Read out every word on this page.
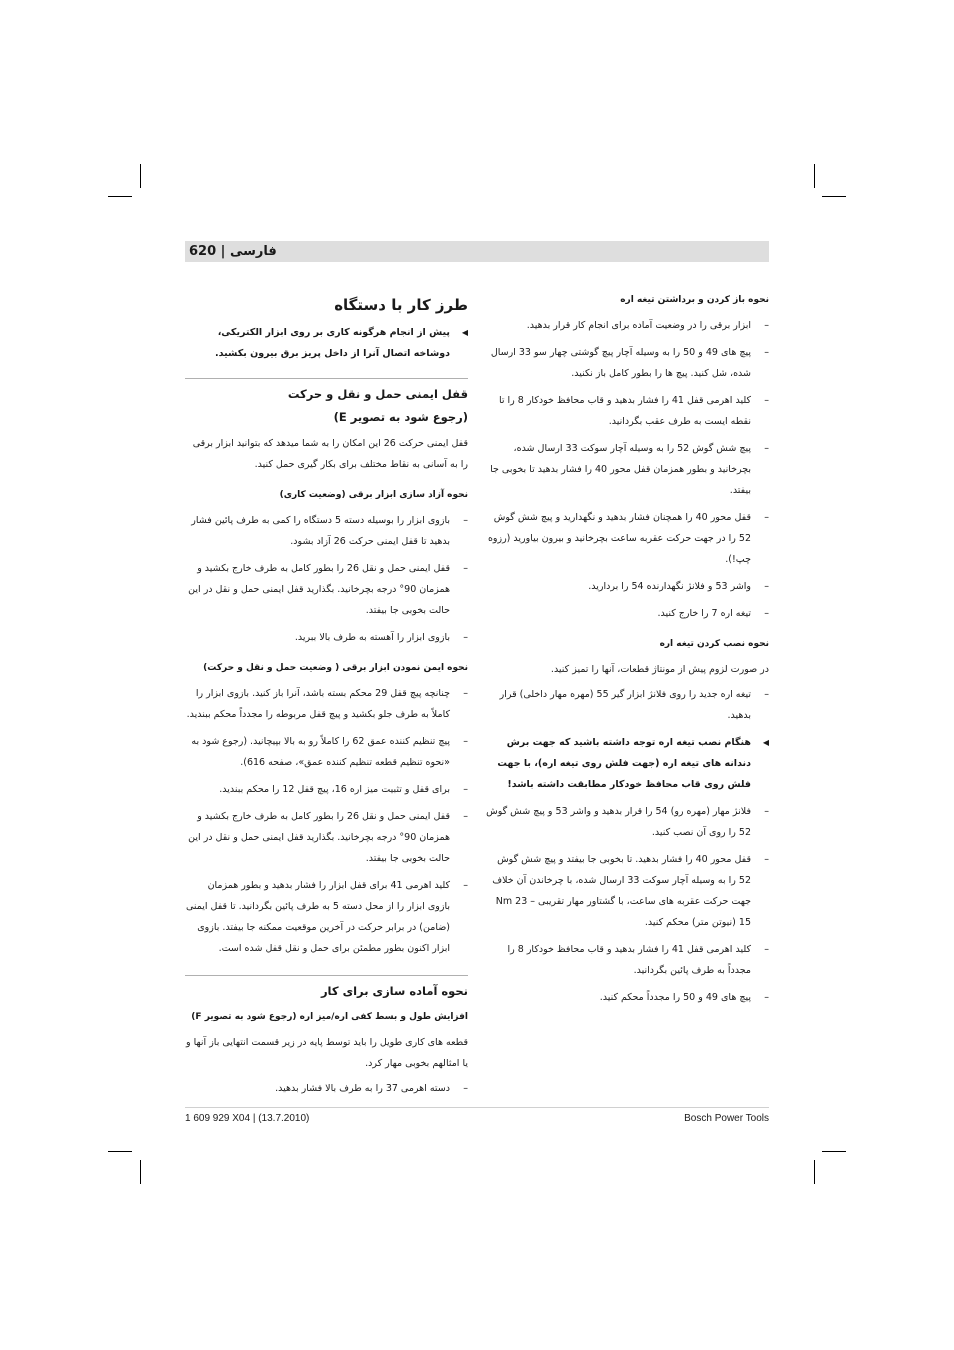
فارسی | 620
نحوه باز کردن و برداشتن تیغه اره
–
ابزار برقی را در وضعیت آماده برای انجام کار قرار بدهید.
–
پیچ های 49 و 50 را به وسیله آچار پیچ گوشتی چهار سو 33 ارسال شده، شل کنید. پیچ ها را بطور کامل باز نکنید.
–
کلید اهرمی قفل 41 را فشار بدهید و قاب محافظ خودکار 8 را تا نقطه ایست به طرف عقب بگردانید.
–
پیچ شش گوش 52 را به وسیله آچار سوکت 33 ارسال شده، بچرخانید و بطور همزمان قفل محور 40 را فشار بدهید تا بخوبی جا بیفتد.
–
قفل محور 40 را همچنان فشار بدهید و نگهدارید و پیچ شش گوش 52 را در جهت حرکت عقربه ساعت بچرخانید و بیرون بیاورید (رزوه چپ!).
–
واشر 53 و فلانژ نگهدارنده 54 را بردارید.
–
تیغه اره 7 را خارج کنید.
نحوه نصب کردن تیغه اره
در صورت لزوم پیش از مونتاژ قطعات، آنها را تمیز کنید.
–
تیغه اره جدید را روی فلانژ ابزار گیر 55 (مهره مهار داخلی) قرار بدهید.
◀
هنگام نصب تیغه اره توجه داشته باشید که جهت برش دندانه های تیغه اره (جهت فلش روی تیغه اره)، با جهت فلش روی قاب محافظ خودکار مطابقت داشته باشد!
–
فلانژ مهار (مهره رو) 54 را قرار بدهید و واشر 53 و پیچ شش گوش 52 را روی آن نصب کنید.
–
قفل محور 40 را فشار بدهید. تا بخوبی جا بیفتد و پیچ شش گوش 52 را به وسیله آچار سوکت 33 ارسال شده، با چرخاندن آن خلاف جهت حرکت عقربه های ساعت، با گشتاور مهار تقریبی Nm 23 – 15 (نیوتن متر) محکم کنید.
–
کلید اهرمی قفل 41 را فشار بدهید و قاب محافظ خودکار 8 را مجدداً به طرف پائین بگردانید.
–
پیچ های 49 و 50 را مجدداً محکم کنید.
طرز کار با دستگاه
◀
پیش از انجام هرگونه کاری بر روی ابزار الکتریکی، دوشاخه اتصال آنرا از داخل پریز برق بیرون بکشید.
قفل ایمنی حمل و نقل و حرکت
(رجوع شود به تصویر E)
قفل ایمنی حرکت 26 این امکان را به شما میدهد که بتوانید ابزار برقی را به آسانی به نقاط مختلف برای بکار گیری حمل کنید.
نحوه آزاد سازی ابزار برقی (وضعیت کاری)
–
بازوی ابزار را بوسیله دسته 5 دستگاه را کمی به طرف پائین فشار بدهید تا قفل ایمنی حرکت 26 آزاد بشود.
–
قفل ایمنی حمل و نقل 26 را بطور کامل به طرف خارج بکشید و همزمان 90° درجه بچرخانید. بگذارید قفل ایمنی حمل و نقل در این حالت بخوبی جا بیفتد.
–
بازوی ابزار را آهسته به طرف بالا ببرید.
نحوه ایمن نمودن ابزار برقی ( وضعیت حمل و نقل و حرکت)
–
چنانچه پیچ قفل 29 محکم بسته باشد، آنرا باز کنید. بازوی ابزار را کاملاً به طرف جلو بکشید و پیچ قفل مربوطه را مجدداً محکم ببندید.
–
پیچ تنظیم کننده عمق 62 را کاملاً رو به بالا بپیچانید. (رجوع شود به «نحوه تنظیم قطعه تنظیم کننده عمق»، صفحه 616).
–
برای قفل و تثبیت میز اره 16، پیچ قفل 12 را محکم ببندید.
–
قفل ایمنی حمل و نقل 26 را بطور کامل به طرف خارج بکشید و همزمان 90° درجه بچرخانید. بگذارید قفل ایمنی حمل و نقل در این حالت بخوبی جا بیفتد.
–
کلید اهرمی 41 برای قفل ابزار را فشار بدهید و بطور همزمان بازوی ابزار را از محل دسته 5 به طرف پائین بگردانید. تا قفل ایمنی (ضامن) در برابر حرکت در آخرین موقعیت ممکنه جا بیفتد. بازوی ابزار اکنون بطور مطمئن برای حمل و نقل قفل شده است.
نحوه آماده سازی برای کار
افزایش طول و بسط کفی اره/میز اره (رجوع شود به تصویر F)
قطعه های کاری طویل را باید توسط پایه در زیر قسمت انتهایی باز آنها و یا امثالهم بخوبی مهار کرد.
–
دسته اهرمی 37 را به طرف بالا فشار بدهید.
1 609 929 X04 | (13.7.2010)	Bosch Power Tools
